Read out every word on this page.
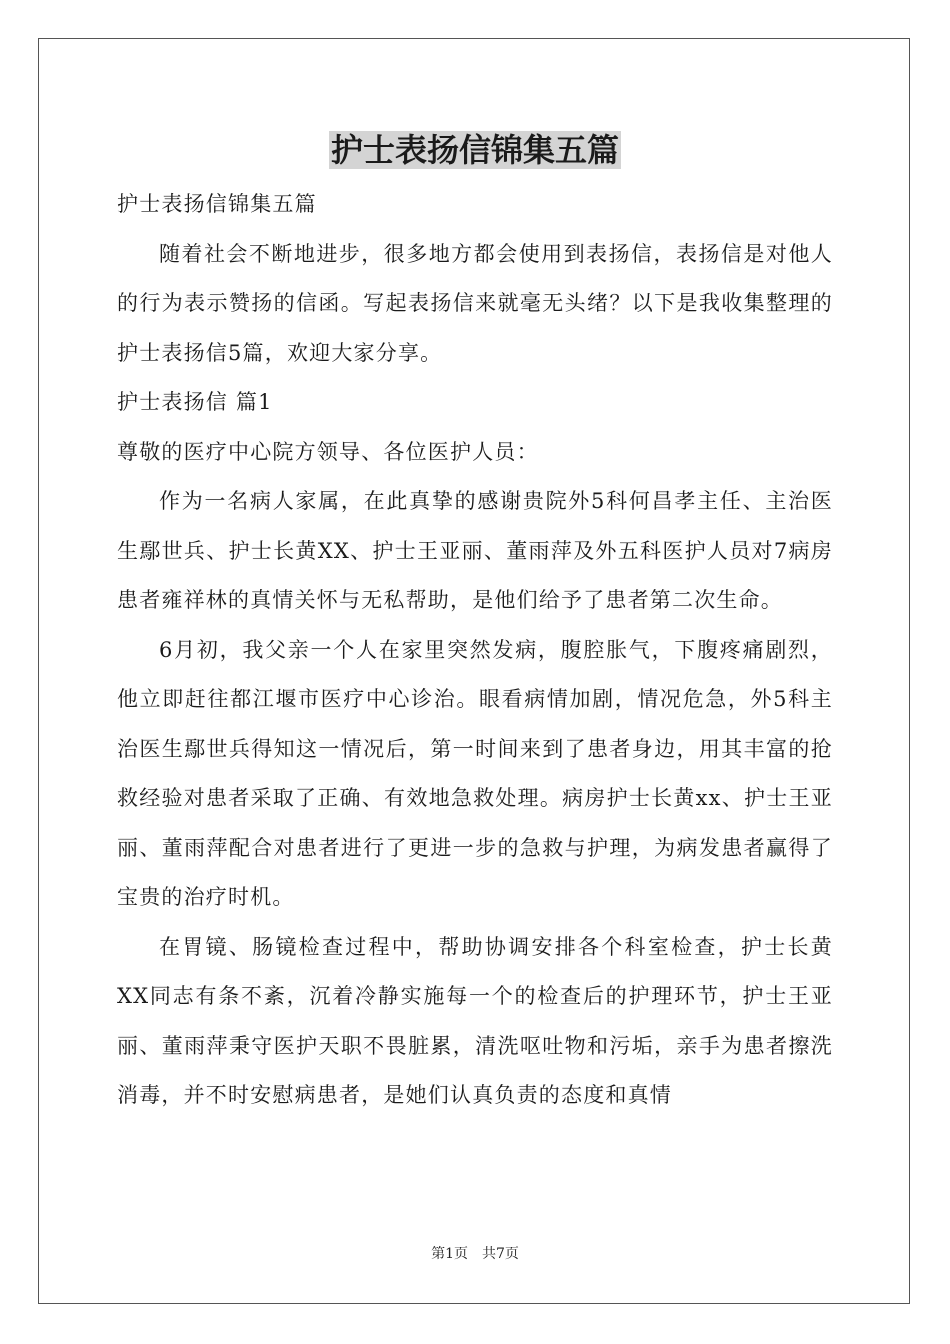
护士表扬信锦集五篇

护士表扬信锦集五篇

随着社会不断地进步，很多地方都会使用到表扬信，表扬信是对他人的行为表示赞扬的信函。写起表扬信来就毫无头绪？以下是我收集整理的护士表扬信5篇，欢迎大家分享。

护士表扬信 篇1

尊敬的医疗中心院方领导、各位医护人员：

作为一名病人家属，在此真挚的感谢贵院外5科何昌孝主任、主治医生鄢世兵、护士长黄XX、护士王亚丽、董雨萍及外五科医护人员对7病房患者雍祥林的真情关怀与无私帮助，是他们给予了患者第二次生命。

6月初，我父亲一个人在家里突然发病，腹腔胀气，下腹疼痛剧烈，他立即赶往都江堰市医疗中心诊治。眼看病情加剧，情况危急，外5科主治医生鄢世兵得知这一情况后，第一时间来到了患者身边，用其丰富的抢救经验对患者采取了正确、有效地急救处理。病房护士长黄xx、护士王亚丽、董雨萍配合对患者进行了更进一步的急救与护理，为病发患者赢得了宝贵的治疗时机。

在胃镜、肠镜检查过程中，帮助协调安排各个科室检查，护士长黄XX同志有条不紊，沉着冷静实施每一个的检查后的护理环节，护士王亚丽、董雨萍秉守医护天职不畏脏累，清洗呕吐物和污垢，亲手为患者擦洗消毒，并不时安慰病患者，是她们认真负责的态度和真情

第1页　共7页
